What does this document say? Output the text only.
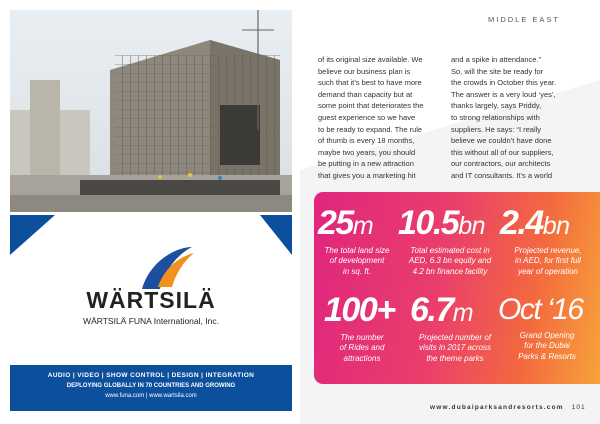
WÄRTSILÄ
WÄRTSILÄ FUNA International, Inc.
AUDIO | VIDEO | SHOW CONTROL | DESIGN | INTEGRATION
DEPLOYING GLOBALLY IN 70 COUNTRIES AND GROWING
www.funa.com | www.wartsila.com
MIDDLE EAST

of its original size available. We

believe our business plan is

such that it’s best to have more

demand than capacity but at

some point that deteriorates the

guest experience so we have

to be ready to expand. The rule

of thumb is every 18 months,

maybe two years, you should

be putting in a new attraction

that gives you a marketing hit

and a spike in attendance.”

So, will the site be ready for

the crowds in October this year.

The answer is a very loud ‘yes’,

thanks largely, says Priddy,

to strong relationships with

suppliers. He says: “I really

believe we couldn’t have done

this without all of our suppliers,

our contractors, our architects

and IT consultants. It’s a world

25m
The total land size
of development
in sq. ft.
10.5bn
Total estimated cost in
AED, 6.3 bn equity and
4.2 bn finance facility
2.4bn
Projected revenue,
in AED, for first full
year of operation
100+
The number
of Rides and
attractions
6.7m
Projected number of
visits in 2017 across
the theme parks
Oct ‘16
Grand Opening
for the Dubai
Parks & Resorts
www.dubaiparksandresorts.com 101
